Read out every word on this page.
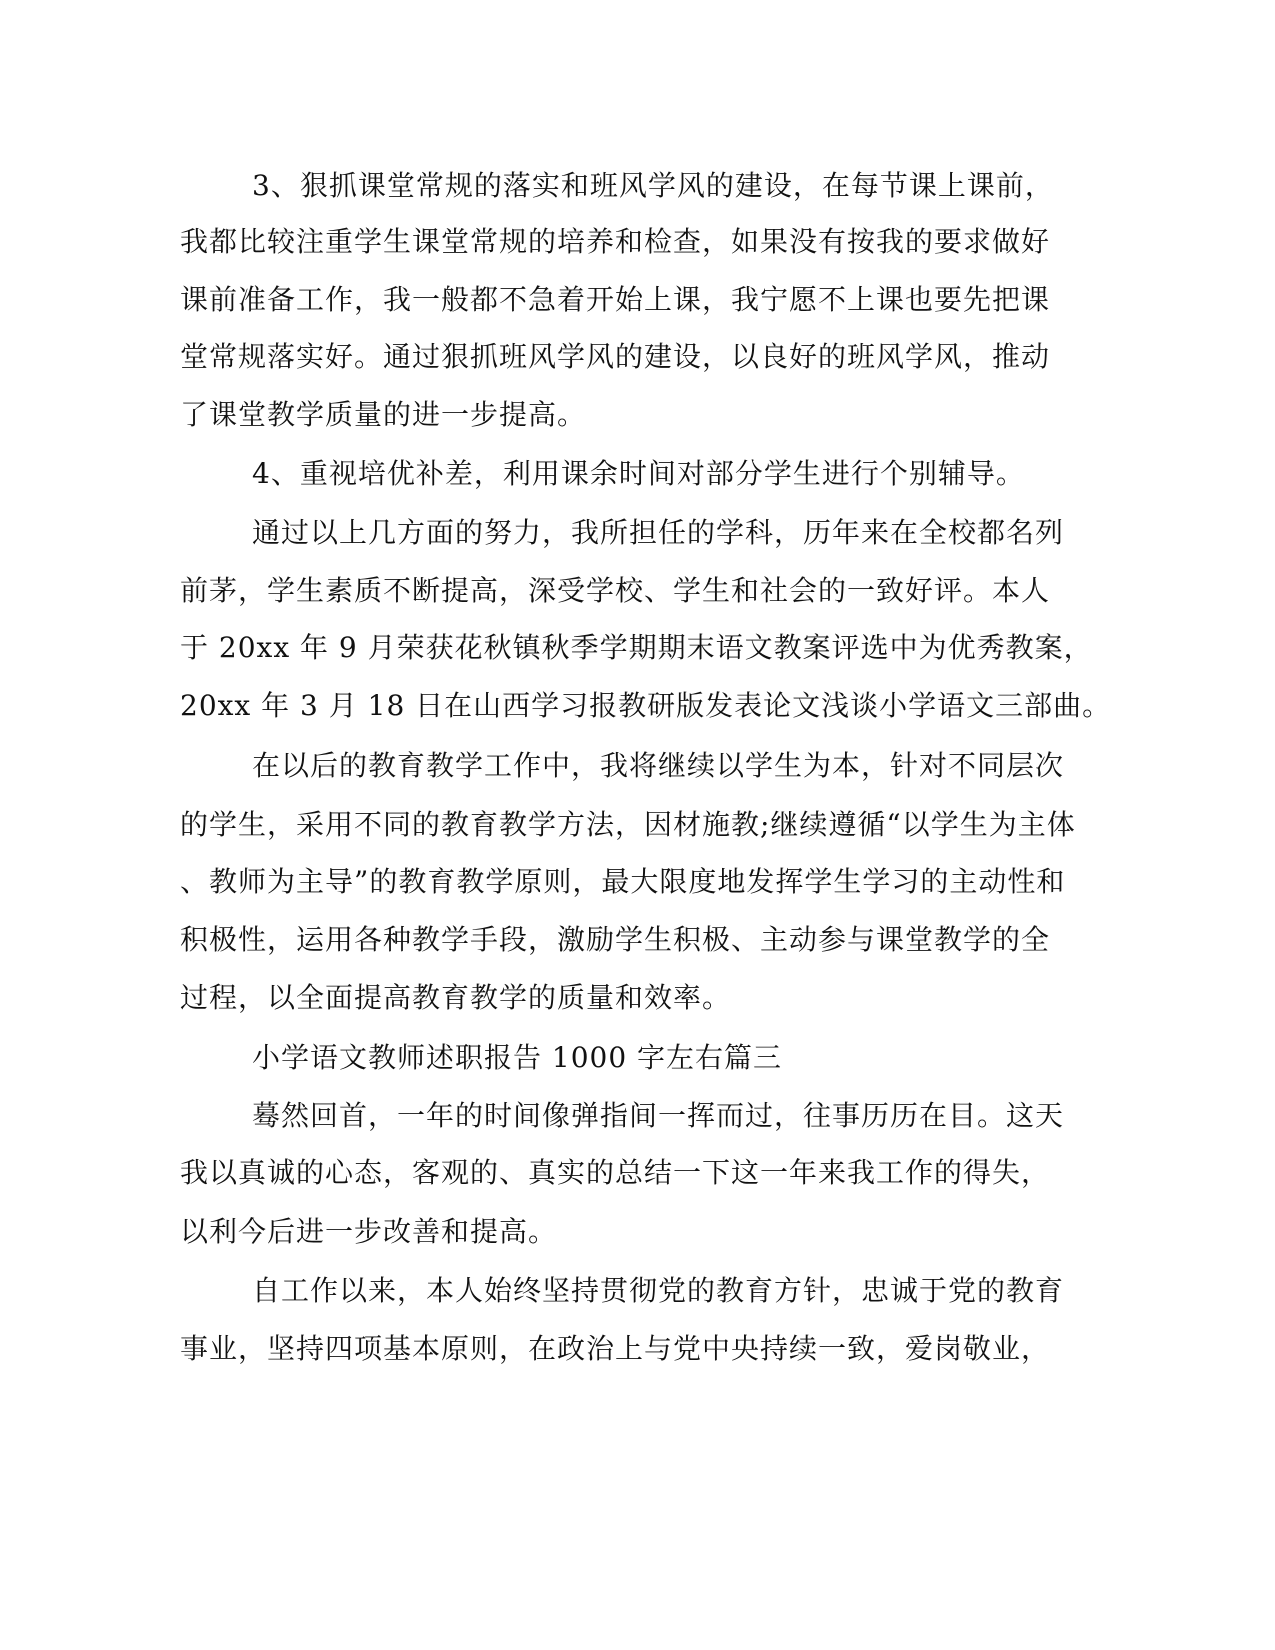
3、狠抓课堂常规的落实和班风学风的建设，在每节课上课前，
我都比较注重学生课堂常规的培养和检查，如果没有按我的要求做好
课前准备工作，我一般都不急着开始上课，我宁愿不上课也要先把课
堂常规落实好。通过狠抓班风学风的建设，以良好的班风学风，推动
了课堂教学质量的进一步提高。
4、重视培优补差，利用课余时间对部分学生进行个别辅导。
通过以上几方面的努力，我所担任的学科，历年来在全校都名列
前茅，学生素质不断提高，深受学校、学生和社会的一致好评。本人
于 20xx 年 9 月荣获花秋镇秋季学期期末语文教案评选中为优秀教案，
20xx 年 3 月 18 日在山西学习报教研版发表论文浅谈小学语文三部曲。
在以后的教育教学工作中，我将继续以学生为本，针对不同层次
的学生，采用不同的教育教学方法，因材施教;继续遵循“以学生为主体
、教师为主导”的教育教学原则，最大限度地发挥学生学习的主动性和
积极性，运用各种教学手段，激励学生积极、主动参与课堂教学的全
过程，以全面提高教育教学的质量和效率。
小学语文教师述职报告 1000 字左右篇三
蓦然回首，一年的时间像弹指间一挥而过，往事历历在目。这天
我以真诚的心态，客观的、真实的总结一下这一年来我工作的得失，
以利今后进一步改善和提高。
自工作以来，本人始终坚持贯彻党的教育方针，忠诚于党的教育
事业，坚持四项基本原则，在政治上与党中央持续一致，爱岗敬业，
